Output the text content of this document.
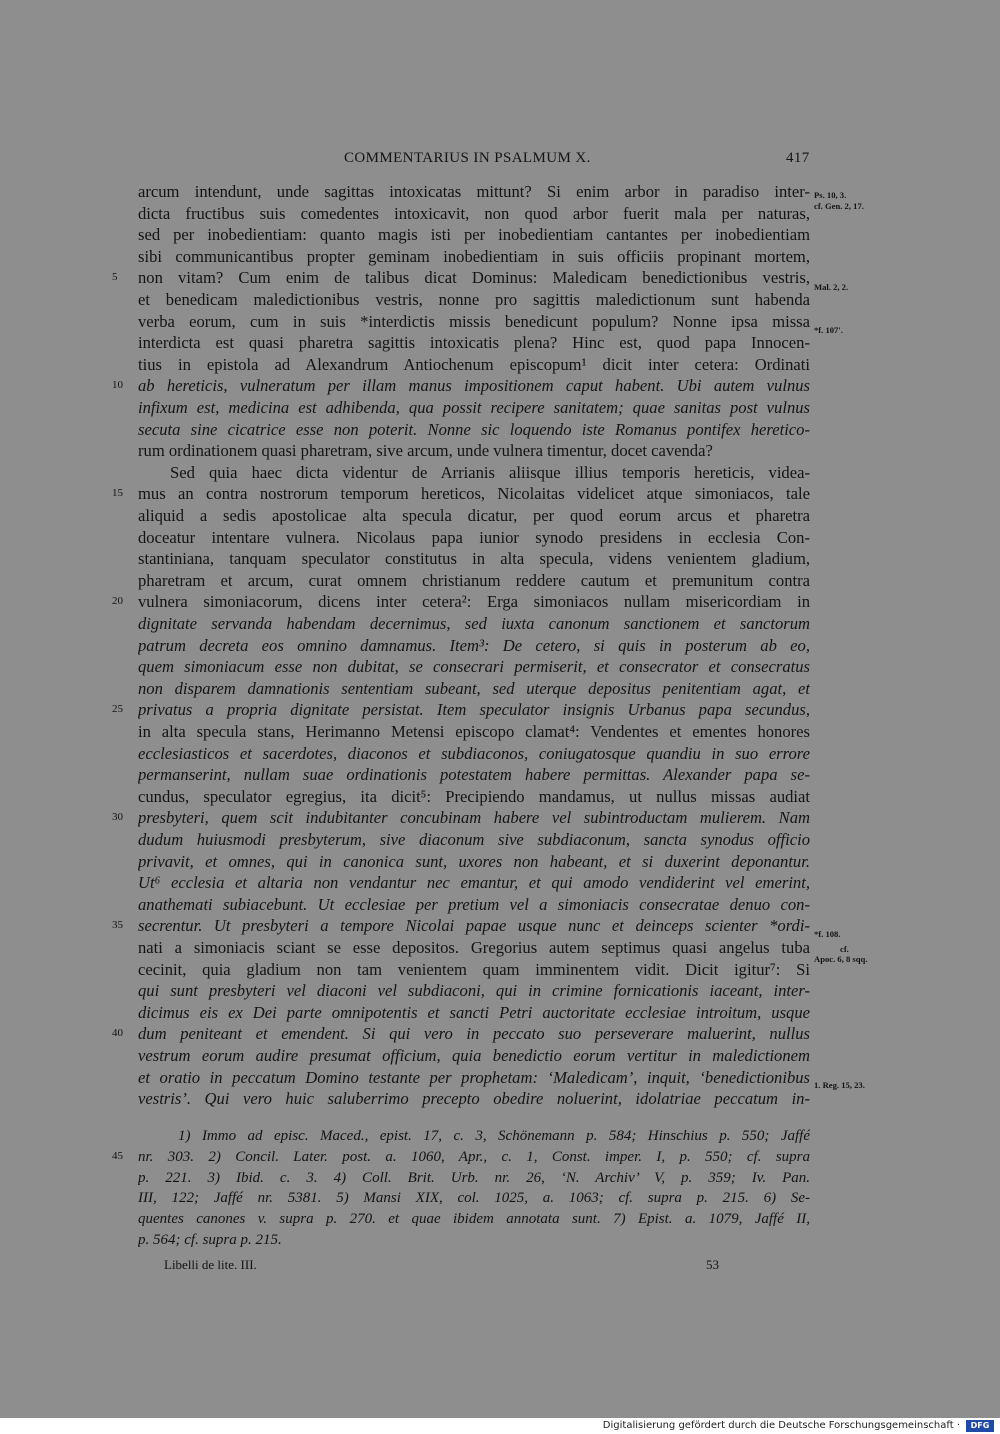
COMMENTARIUS IN PSALMUM X.	417
arcum intendunt, unde sagittas intoxicatas mittunt? Si enim arbor in paradiso inter-
dicta fructibus suis comedentes intoxicavit, non quod arbor fuerit mala per naturas,
sed per inobedientiam: quanto magis isti per inobedientiam cantantes per inobedientiam
sibi communicantibus propter geminam inobedientiam in suis officiis propinant mortem,
non vitam? Cum enim de talibus dicat Dominus: Maledicam benedictionibus vestris,
et benedicam maledictionibus vestris, nonne pro sagittis maledictionum sunt habenda
verba eorum, cum in suis *interdictis missis benedicunt populum? Nonne ipsa missa
interdicta est quasi pharetra sagittis intoxicatis plena? Hinc est, quod papa Innocen-
tius in epistola ad Alexandrum Antiochenum episcopum¹ dicit inter cetera: Ordinati
ab hereticis, vulneratum per illam manus impositionem caput habent. Ubi autem vulnus
infixum est, medicina est adhibenda, qua possit recipere sanitatem; quae sanitas post vulnus
secuta sine cicatrice esse non poterit. Nonne sic loquendo iste Romanus pontifex heretico-
rum ordinationem quasi pharetram, sive arcum, unde vulnera timentur, docet cavenda?
Sed quia haec dicta videntur de Arrianis aliisque illius temporis hereticis, videa-
mus an contra nostrorum temporum hereticos, Nicolaitas videlicet atque simoniacos, tale
aliquid a sedis apostolicae alta specula dicatur, per quod eorum arcus et pharetra
doceatur intentare vulnera. Nicolaus papa iunior synodo presidens in ecclesia Con-
stantiniana, tanquam speculator constitutus in alta specula, videns venientem gladium,
pharetram et arcum, curat omnem christianum reddere cautum et premunitum contra
vulnera simoniacorum, dicens inter cetera²: Erga simoniacos nullam misericordiam in
dignitate servanda habendam decernimus, sed iuxta canonum sanctionem et sanctorum
patrum decreta eos omnino damnamus. Item³: De cetero, si quis in posterum ab eo,
quem simoniacum esse non dubitat, se consecrari permiserit, et consecrator et consecratus
non disparem damnationis sententiam subeant, sed uterque depositus penitentiam agat, et
privatus a propria dignitate persistat. Item speculator insignis Urbanus papa secundus,
in alta specula stans, Herimanno Metensi episcopo clamat⁴: Vendentes et ementes honores
ecclesiasticos et sacerdotes, diaconos et subdiaconos, coniugatosque quandiu in suo errore
permanserint, nullam suae ordinationis potestatem habere permittas. Alexander papa se-
cundus, speculator egregius, ita dicit⁵: Precipiendo mandamus, ut nullus missas audiat
presbyteri, quem scit indubitanter concubinam habere vel subintroductam mulierem. Nam
dudum huiusmodi presbyterum, sive diaconum sive subdiaconum, sancta synodus officio
privavit, et omnes, qui in canonica sunt, uxores non habeant, et si duxerint deponantur.
Ut⁶ ecclesia et altaria non vendantur nec emantur, et qui amodo vendiderint vel emerint,
anathemati subiacebunt. Ut ecclesiae per pretium vel a simoniacis consecratae denuo con-
secrentur. Ut presbyteri a tempore Nicolai papae usque nunc et deinceps scienter *ordi-
nati a simoniacis sciant se esse depositos. Gregorius autem septimus quasi angelus tuba
cecinit, quia gladium non tam venientem quam imminentem vidit. Dicit igitur⁷: Si
qui sunt presbyteri vel diaconi vel subdiaconi, qui in crimine fornicationis iaceant, inter-
dicimus eis ex Dei parte omnipotentis et sancti Petri auctoritate ecclesiae introitum, usque
dum peniteant et emendent. Si qui vero in peccato suo perseverare maluerint, nullus
vestrum eorum audire presumat officium, quia benedictio eorum vertitur in maledictionem
et oratio in peccatum Domino testante per prophetam: ‘Maledicam’, inquit, ‘benedictionibus
vestris’. Qui vero huic saluberrimo precepto obedire noluerint, idolatriae peccatum in-
5
10
15
20
25
30
35
40
Ps. 10, 3.
cf. Gen. 2, 17.
Mal. 2, 2.
*f. 107'.
*f. 108.
cf.
Apoc. 6, 8 sqq.
1. Reg. 15, 23.
1) Immo ad episc. Maced., epist. 17, c. 3, Schönemann p. 584; Hinschius p. 550; Jaffé
nr. 303. 2) Concil. Later. post. a. 1060, Apr., c. 1, Const. imper. I, p. 550; cf. supra
p. 221. 3) Ibid. c. 3. 4) Coll. Brit. Urb. nr. 26, ‘N. Archiv’ V, p. 359; Iv. Pan.
III, 122; Jaffé nr. 5381. 5) Mansi XIX, col. 1025, a. 1063; cf. supra p. 215. 6) Se-
quentes canones v. supra p. 270. et quae ibidem annotata sunt. 7) Epist. a. 1079, Jaffé II,
p. 564; cf. supra p. 215.
45
Libelli de lite. III.	53
Digitalisierung gefördert durch die Deutsche Forschungsgemeinschaft ·	DFG
